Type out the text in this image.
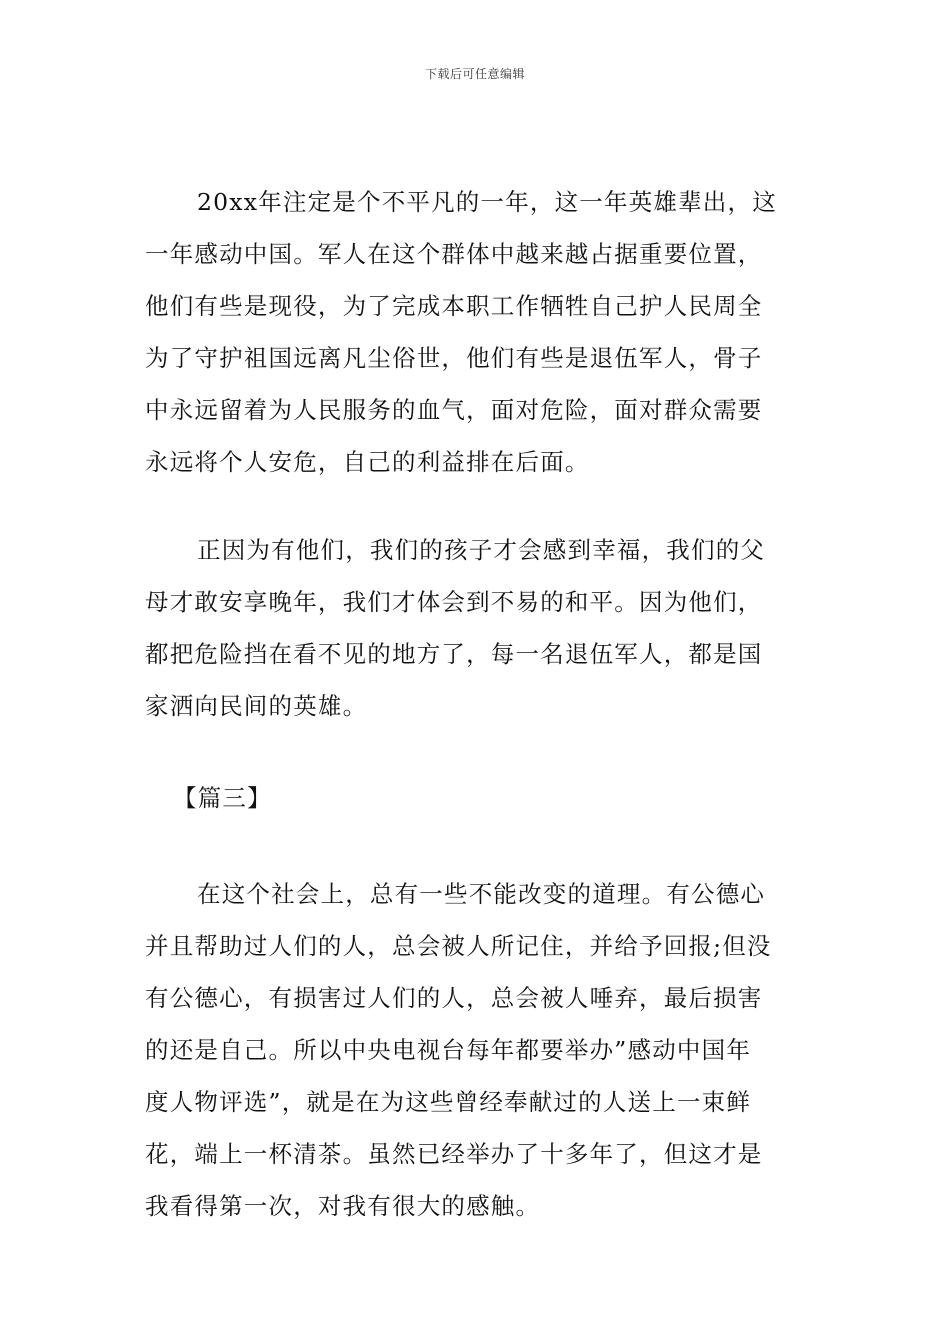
下载后可任意编辑
20xx年注定是个不平凡的一年，这一年英雄辈出，这
一年感动中国。军人在这个群体中越来越占据重要位置，
他们有些是现役，为了完成本职工作牺牲自己护人民周全
为了守护祖国远离凡尘俗世，他们有些是退伍军人，骨子
中永远留着为人民服务的血气，面对危险，面对群众需要
永远将个人安危，自己的利益排在后面。
正因为有他们，我们的孩子才会感到幸福，我们的父
母才敢安享晚年，我们才体会到不易的和平。因为他们，
都把危险挡在看不见的地方了，每一名退伍军人，都是国
家洒向民间的英雄。
【篇三】
在这个社会上，总有一些不能改变的道理。有公德心
并且帮助过人们的人，总会被人所记住，并给予回报;但没
有公德心，有损害过人们的人，总会被人唾弃，最后损害
的还是自己。所以中央电视台每年都要举办”感动中国年
度人物评选”，就是在为这些曾经奉献过的人送上一束鲜
花，端上一杯清茶。虽然已经举办了十多年了，但这才是
我看得第一次，对我有很大的感触。
